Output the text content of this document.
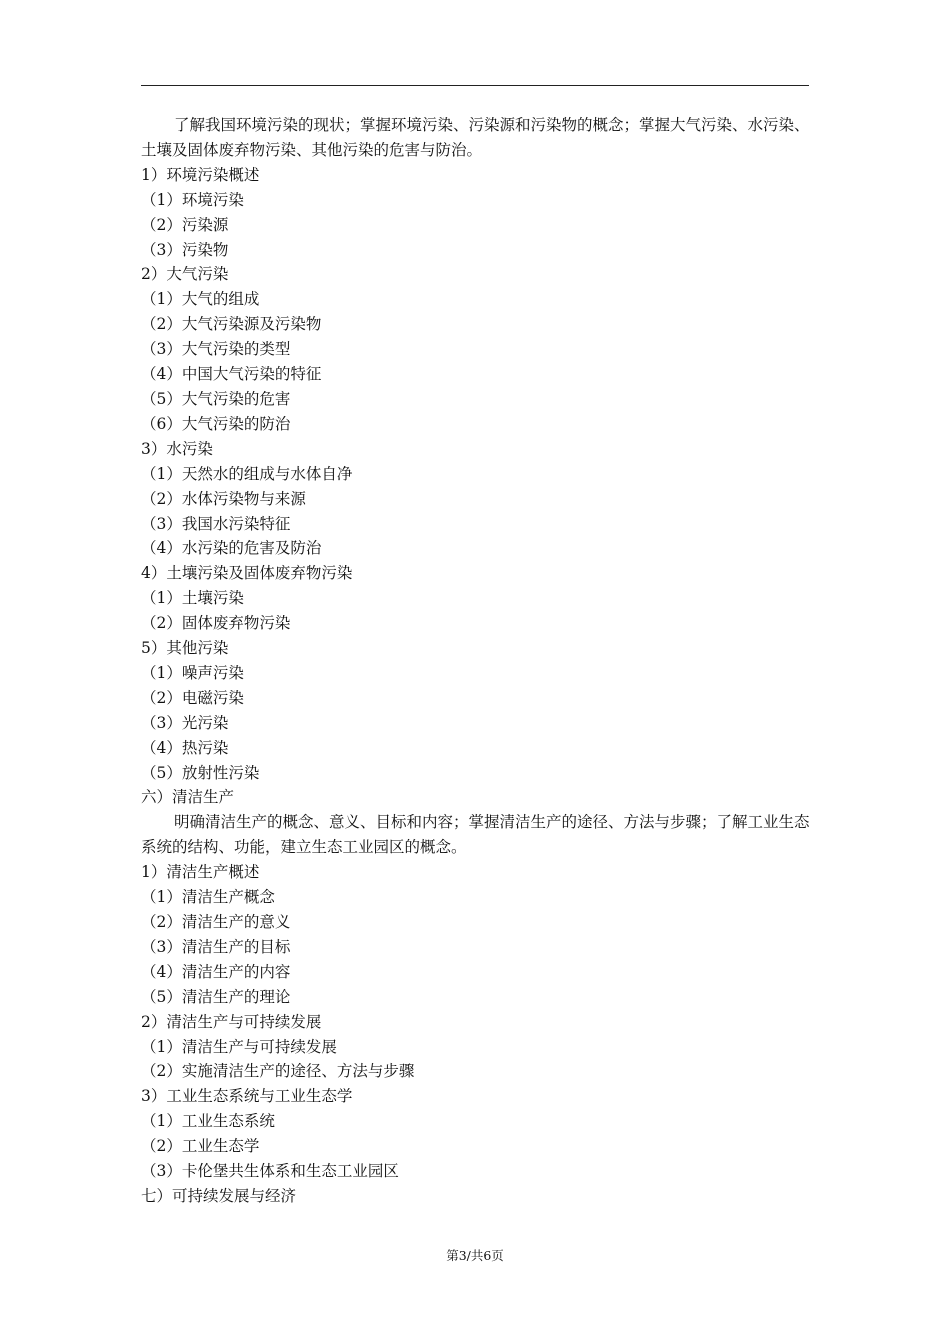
了解我国环境污染的现状；掌握环境污染、污染源和污染物的概念；掌握大气污染、水污染、土壤及固体废弃物污染、其他污染的危害与防治。
1）环境污染概述
（1）环境污染
（2）污染源
（3）污染物
2）大气污染
（1）大气的组成
（2）大气污染源及污染物
（3）大气污染的类型
（4）中国大气污染的特征
（5）大气污染的危害
（6）大气污染的防治
3）水污染
（1）天然水的组成与水体自净
（2）水体污染物与来源
（3）我国水污染特征
（4）水污染的危害及防治
4）土壤污染及固体废弃物污染
（1）土壤污染
（2）固体废弃物污染
5）其他污染
（1）噪声污染
（2）电磁污染
（3）光污染
（4）热污染
（5）放射性污染
六）清洁生产
明确清洁生产的概念、意义、目标和内容；掌握清洁生产的途径、方法与步骤；了解工业生态系统的结构、功能，建立生态工业园区的概念。
1）清洁生产概述
（1）清洁生产概念
（2）清洁生产的意义
（3）清洁生产的目标
（4）清洁生产的内容
（5）清洁生产的理论
2）清洁生产与可持续发展
（1）清洁生产与可持续发展
（2）实施清洁生产的途径、方法与步骤
3）工业生态系统与工业生态学
（1）工业生态系统
（2）工业生态学
（3）卡伦堡共生体系和生态工业园区
七）可持续发展与经济
第3/共6页
